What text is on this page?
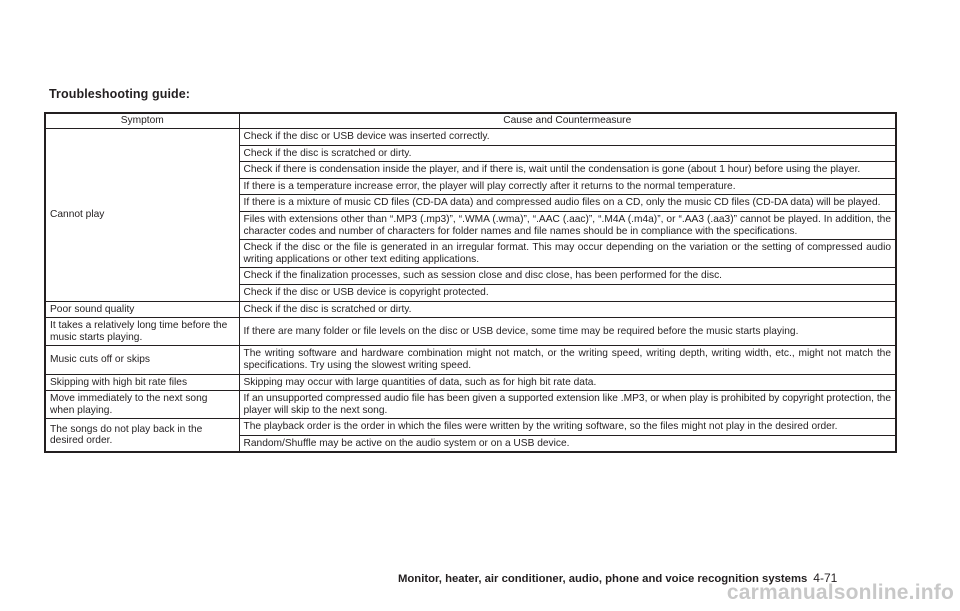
Troubleshooting guide:
Symptom	Cause and Countermeasure
Cannot play	Check if the disc or USB device was inserted correctly.
	Check if the disc is scratched or dirty.
	Check if there is condensation inside the player, and if there is, wait until the condensation is gone (about 1 hour) before using the player.
	If there is a temperature increase error, the player will play correctly after it returns to the normal temperature.
	If there is a mixture of music CD files (CD-DA data) and compressed audio files on a CD, only the music CD files (CD-DA data) will be played.
	Files with extensions other than “.MP3 (.mp3)”, “.WMA (.wma)”, “.AAC (.aac)”, “.M4A (.m4a)”, or “.AA3 (.aa3)” cannot be played. In addition, the character codes and number of characters for folder names and file names should be in compliance with the specifications.
	Check if the disc or the file is generated in an irregular format. This may occur depending on the variation or the setting of compressed audio writing applications or other text editing applications.
	Check if the finalization processes, such as session close and disc close, has been performed for the disc.
	Check if the disc or USB device is copyright protected.
Poor sound quality	Check if the disc is scratched or dirty.
It takes a relatively long time before the music starts playing.	If there are many folder or file levels on the disc or USB device, some time may be required before the music starts playing.
Music cuts off or skips	The writing software and hardware combination might not match, or the writing speed, writing depth, writing width, etc., might not match the specifications. Try using the slowest writing speed.
Skipping with high bit rate files	Skipping may occur with large quantities of data, such as for high bit rate data.
Move immediately to the next song when playing.	If an unsupported compressed audio file has been given a supported extension like .MP3, or when play is prohibited by copyright protection, the player will skip to the next song.
The songs do not play back in the desired order.	The playback order is the order in which the files were written by the writing software, so the files might not play in the desired order.
	Random/Shuffle may be active on the audio system or on a USB device.
Monitor, heater, air conditioner, audio, phone and voice recognition systems 4-71
carmanualsonline.info
